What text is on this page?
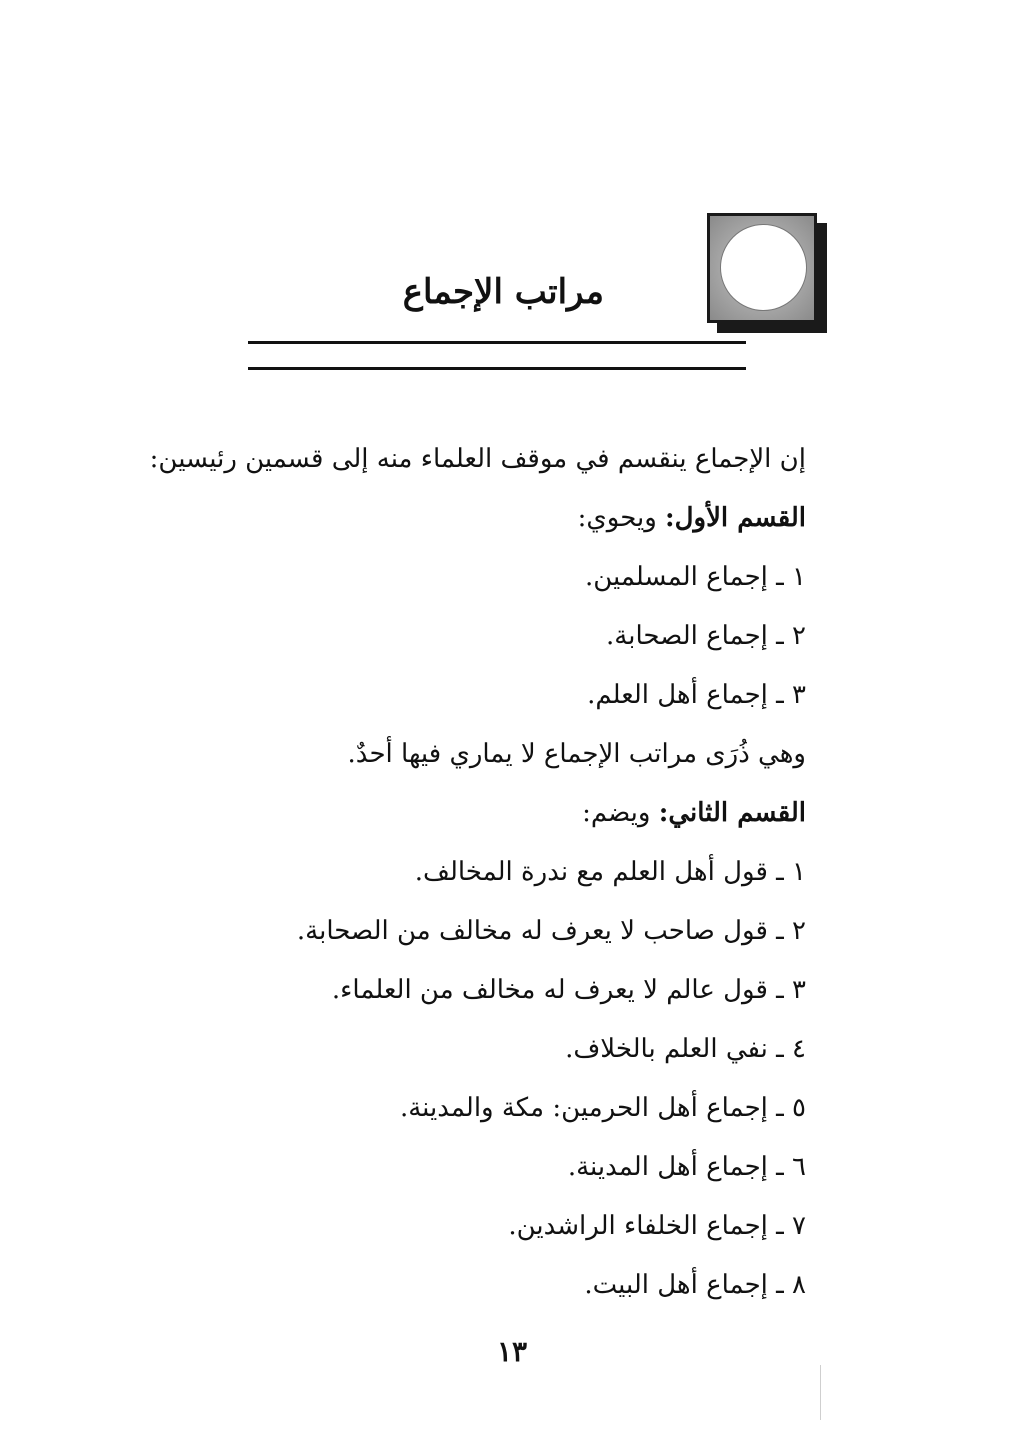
مراتب الإجماع
إن الإجماع ينقسم في موقف العلماء منه إلى قسمين رئيسين:
القسم الأول: ويحوي:
١ ـ إجماع المسلمين.
٢ ـ إجماع الصحابة.
٣ ـ إجماع أهل العلم.
وهي ذُرَى مراتب الإجماع لا يماري فيها أحدٌ.
القسم الثاني: ويضم:
١ ـ قول أهل العلم مع ندرة المخالف.
٢ ـ قول صاحب لا يعرف له مخالف من الصحابة.
٣ ـ قول عالم لا يعرف له مخالف من العلماء.
٤ ـ نفي العلم بالخلاف.
٥ ـ إجماع أهل الحرمين: مكة والمدينة.
٦ ـ إجماع أهل المدينة.
٧ ـ إجماع الخلفاء الراشدين.
٨ ـ إجماع أهل البيت.
١٣
